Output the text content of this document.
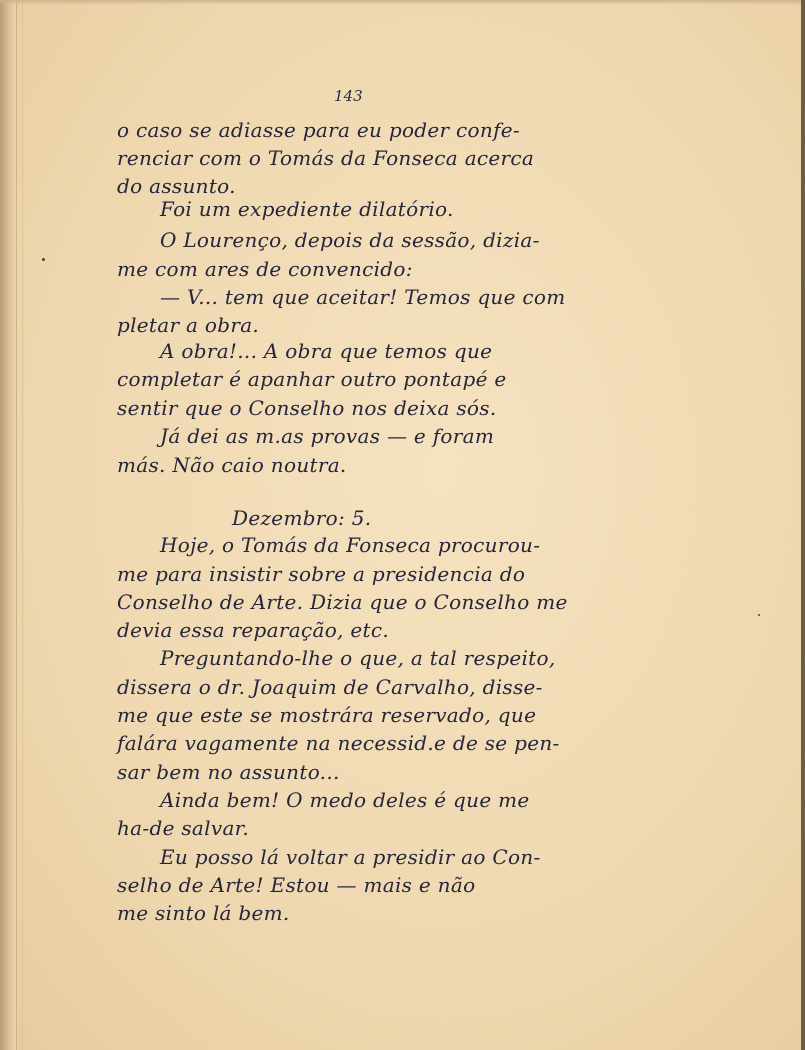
143
o caso se adiasse para eu poder confe-
renciar com o Tomás da Fonseca acerca
do assunto.
Foi um expediente dilatório.
O Lourenço, depois da sessão, dizia-
me com ares de convencido:
— V... tem que aceitar! Temos que com
pletar a obra.
A obra!... A obra que temos que
completar é apanhar outro pontapé e
sentir que o Conselho nos deixa sós.
Já dei as m.as provas — e foram
más. Não caio noutra.
Dezembro: 5.
Hoje, o Tomás da Fonseca procurou-
me para insistir sobre a presidencia do
Conselho de Arte. Dizia que o Conselho me
devia essa reparação, etc.
Preguntando-lhe o que, a tal respeito,
dissera o dr. Joaquim de Carvalho, disse-
me que este se mostrára reservado, que
falára vagamente na necessid.e de se pen-
sar bem no assunto...
Ainda bem! O medo deles é que me
ha-de salvar.
Eu posso lá voltar a presidir ao Con-
selho de Arte! Estou — mais e não
me sinto lá bem.
